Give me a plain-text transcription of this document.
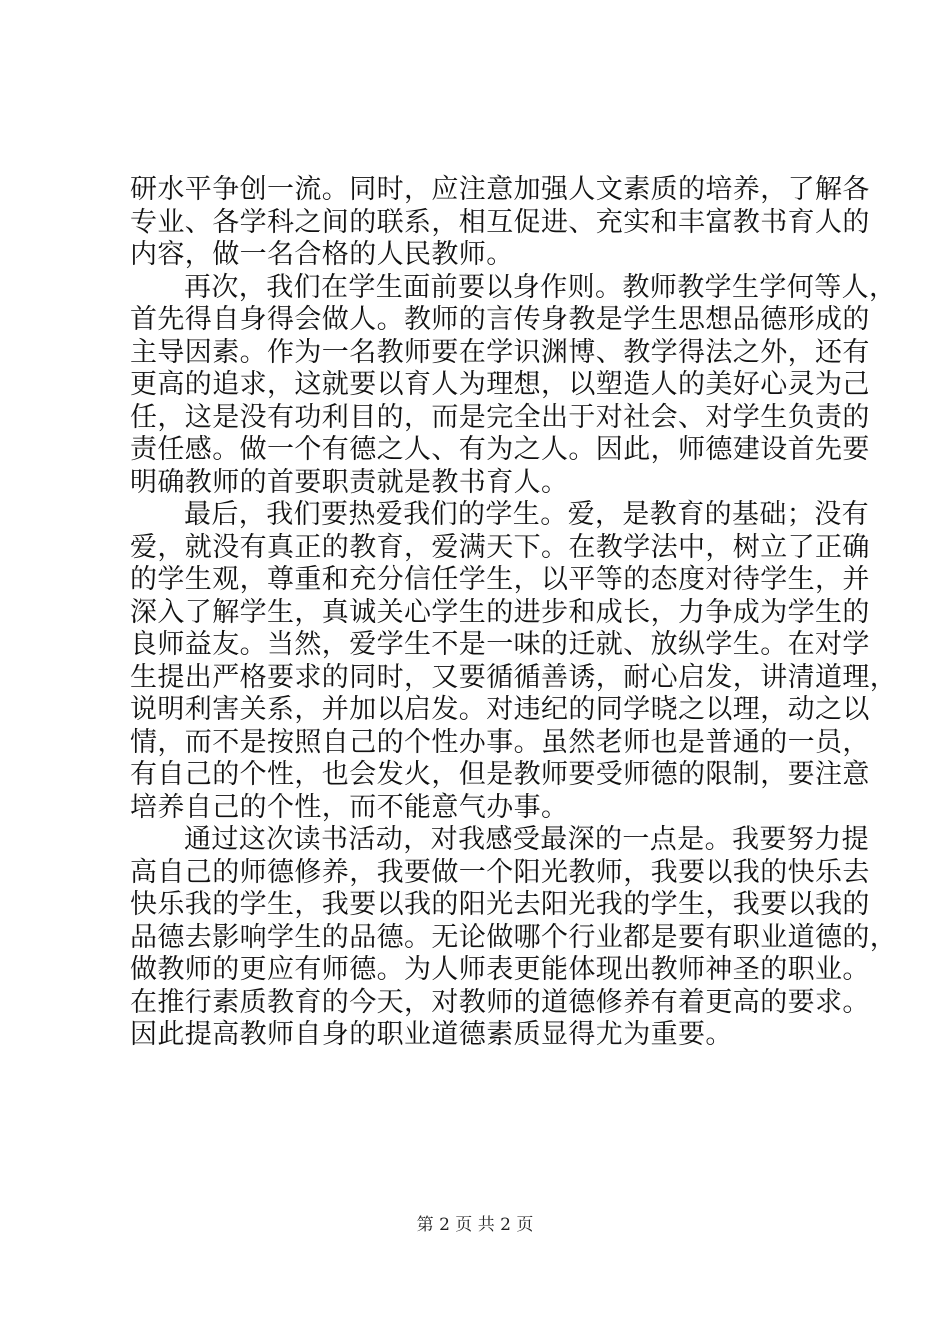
研水平争创一流。同时，应注意加强人文素质的培养，了解各
专业、各学科之间的联系，相互促进、充实和丰富教书育人的
内容，做一名合格的人民教师。
再次，我们在学生面前要以身作则。教师教学生学何等人，
首先得自身得会做人。教师的言传身教是学生思想品德形成的
主导因素。作为一名教师要在学识渊博、教学得法之外，还有
更高的追求，这就要以育人为理想，以塑造人的美好心灵为己
任，这是没有功利目的，而是完全出于对社会、对学生负责的
责任感。做一个有德之人、有为之人。因此，师德建设首先要
明确教师的首要职责就是教书育人。
最后，我们要热爱我们的学生。爱，是教育的基础；没有
爱，就没有真正的教育，爱满天下。在教学法中，树立了正确
的学生观，尊重和充分信任学生，以平等的态度对待学生，并
深入了解学生，真诚关心学生的进步和成长，力争成为学生的
良师益友。当然，爱学生不是一味的迁就、放纵学生。在对学
生提出严格要求的同时，又要循循善诱，耐心启发，讲清道理，
说明利害关系，并加以启发。对违纪的同学晓之以理，动之以
情，而不是按照自己的个性办事。虽然老师也是普通的一员，
有自己的个性，也会发火，但是教师要受师德的限制，要注意
培养自己的个性，而不能意气办事。
通过这次读书活动，对我感受最深的一点是。我要努力提
高自己的师德修养，我要做一个阳光教师，我要以我的快乐去
快乐我的学生，我要以我的阳光去阳光我的学生，我要以我的
品德去影响学生的品德。无论做哪个行业都是要有职业道德的，
做教师的更应有师德。为人师表更能体现出教师神圣的职业。
在推行素质教育的今天，对教师的道德修养有着更高的要求。
因此提高教师自身的职业道德素质显得尤为重要。
第 2 页 共 2 页
